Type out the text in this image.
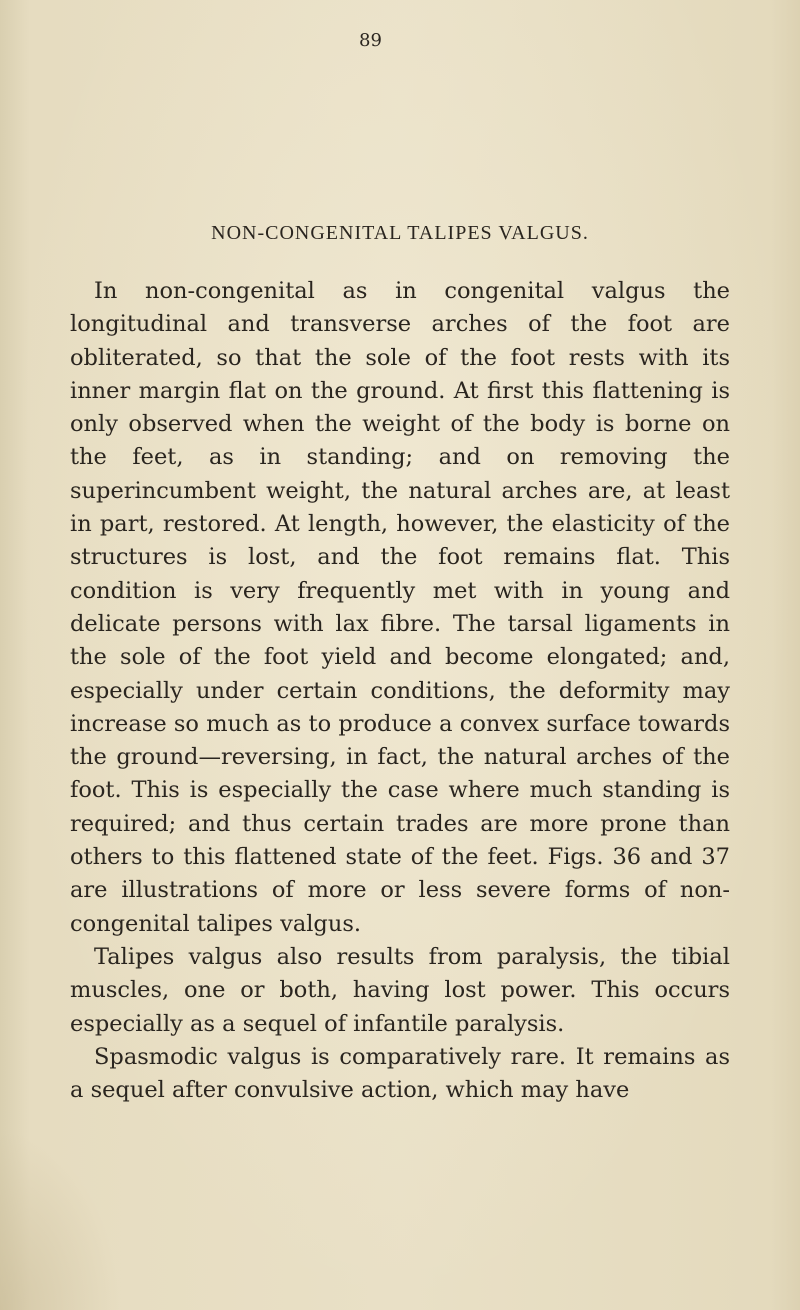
89
NON-CONGENITAL TALIPES VALGUS.

In non-congenital as in congenital valgus the longitudinal and transverse arches of the foot are obliterated, so that the sole of the foot rests with its inner margin flat on the ground. At first this flattening is only observed when the weight of the body is borne on the feet, as in standing; and on removing the superincumbent weight, the natural arches are, at least in part, restored. At length, however, the elasticity of the structures is lost, and the foot remains flat. This condition is very frequently met with in young and delicate persons with lax fibre. The tarsal ligaments in the sole of the foot yield and become elongated; and, especially under certain conditions, the deformity may increase so much as to produce a convex surface towards the ground—reversing, in fact, the natural arches of the foot. This is especially the case where much standing is required; and thus certain trades are more prone than others to this flattened state of the feet. Figs. 36 and 37 are illustrations of more or less severe forms of non-congenital talipes valgus.

Talipes valgus also results from paralysis, the tibial muscles, one or both, having lost power. This occurs especially as a sequel of infantile paralysis.

Spasmodic valgus is comparatively rare. It remains as a sequel after convulsive action, which may have
